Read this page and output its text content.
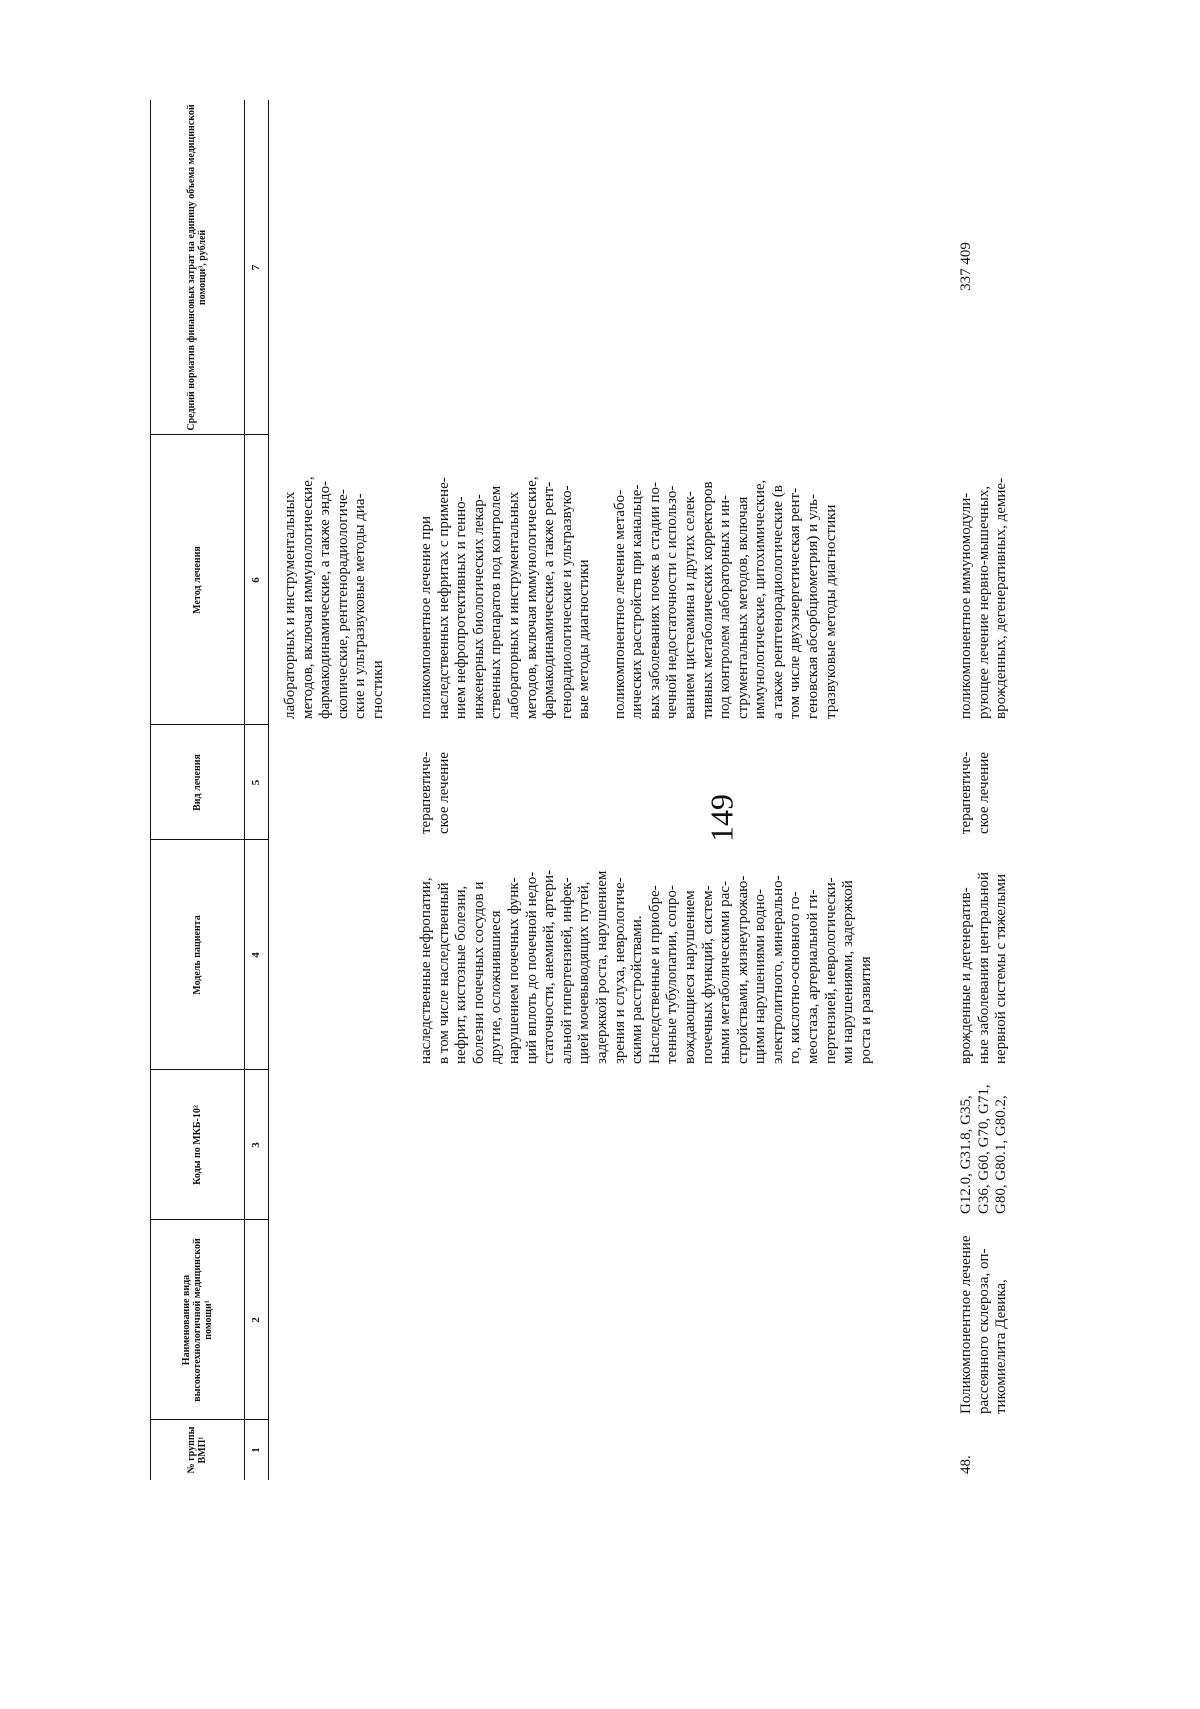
149
№ группы ВМП¹
Наименование вида высокотехнологичной медицинской помощи¹
Коды по МКБ-10²
Модель пациента
Вид лечения
Метод лечения
Средний норматив финансовых затрат на единицу объема медицинской помощи³, рублей
1
2
3
4
5
6
7
лабораторных и инструментальных
методов, включая иммунологические,
фармакодинамические, а также эндо-
скопические, рентгенорадиологиче-
ские и ультразвуковые методы диа-
гностики
наследственные нефропатии,
в том числе наследственный
нефрит, кистозные болезни,
болезни почечных сосудов и
другие, осложнившиеся
нарушением почечных функ-
ций вплоть до почечной недо-
статочности, анемией, артери-
альной гипертензией, инфек-
цией мочевыводящих путей,
задержкой роста, нарушением
зрения и слуха, неврологиче-
скими расстройствами.
Наследственные и приобре-
тенные тубулопатии, сопро-
вождающиеся нарушением
почечных функций, систем-
ными метаболическими рас-
стройствами, жизнеугрожаю-
щими нарушениями водно-
электролитного, минерально-
го, кислотно-основного го-
меостаза, артериальной ги-
пертензией, неврологически-
ми нарушениями, задержкой
роста и развития
терапевтиче-
ское лечение
поликомпонентное лечение при
наследственных нефритах с примене-
нием нефропротективных и генно-
инженерных биологических лекар-
ственных препаратов под контролем
лабораторных и инструментальных
методов, включая иммунологические,
фармакодинамические, а также рент-
генорадиологические и ультразвуко-
вые методы диагностики

поликомпонентное лечение метабо-
лических расстройств при канальце-
вых заболеваниях почек в стадии по-
чечной недостаточности с использо-
ванием цистеамина и других селек-
тивных метаболических корректоров
под контролем лабораторных и ин-
струментальных методов, включая
иммунологические, цитохимические,
а также рентгенорадиологические (в
том числе двухэнергетическая рент-
геновская абсорбциометрия) и уль-
тразвуковые методы диагностики
48.
Поликомпонентное лечение
рассеянного склероза, оп-
тикомиелита Девика,
G12.0, G31.8, G35,
G36, G60, G70, G71,
G80, G80.1, G80.2,
врожденные и дегенератив-
ные заболевания центральной
нервной системы с тяжелыми
терапевтиче-
ское лечение
поликомпонентное иммуномодули-
рующее лечение нервно-мышечных,
врожденных, дегенеративных, демие-
337 409
